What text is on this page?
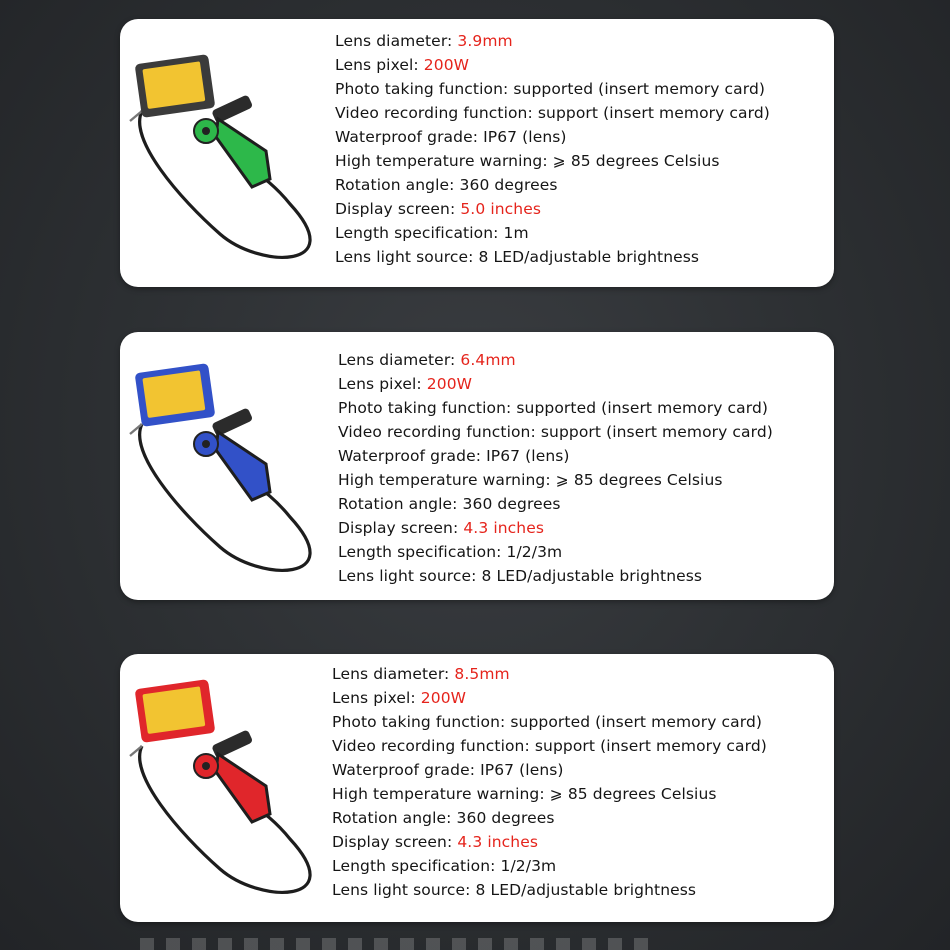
Lens diameter: 3.9mm
Lens pixel: 200W
Photo taking function: supported (insert memory card)
Video recording function: support (insert memory card)
Waterproof grade: IP67 (lens)
High temperature warning: ⩾ 85 degrees Celsius
Rotation angle: 360 degrees
Display screen: 5.0 inches
Length specification: 1m
Lens light source: 8 LED/adjustable brightness
Lens diameter: 6.4mm
Lens pixel: 200W
Photo taking function: supported (insert memory card)
Video recording function: support (insert memory card)
Waterproof grade: IP67 (lens)
High temperature warning: ⩾ 85 degrees Celsius
Rotation angle: 360 degrees
Display screen: 4.3 inches
Length specification: 1/2/3m
Lens light source: 8 LED/adjustable brightness
Lens diameter: 8.5mm
Lens pixel: 200W
Photo taking function: supported (insert memory card)
Video recording function: support (insert memory card)
Waterproof grade: IP67 (lens)
High temperature warning: ⩾ 85 degrees Celsius
Rotation angle: 360 degrees
Display screen: 4.3 inches
Length specification: 1/2/3m
Lens light source: 8 LED/adjustable brightness
